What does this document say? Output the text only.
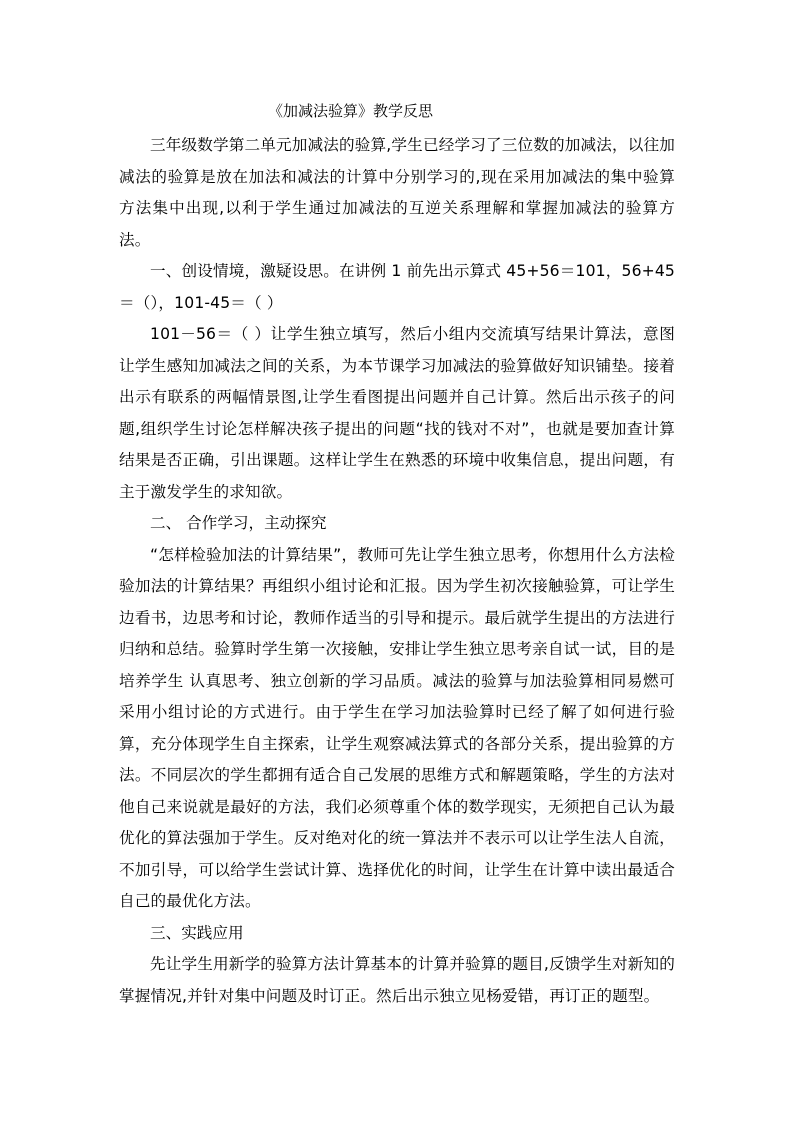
《加减法验算》教学反思

三年级数学第二单元加减法的验算,学生已经学习了三位数的加减法，以往加减法的验算是放在加法和减法的计算中分别学习的,现在采用加减法的集中验算方法集中出现,以利于学生通过加减法的互逆关系理解和掌握加减法的验算方法。

一、创设情境，激疑设思。在讲例 1 前先出示算式 45+56＝101，56+45＝（），101-45＝（ ）

101－56＝（ ）让学生独立填写，然后小组内交流填写结果计算法，意图让学生感知加减法之间的关系，为本节课学习加减法的验算做好知识铺垫。接着出示有联系的两幅情景图,让学生看图提出问题并自己计算。然后出示孩子的问题,组织学生讨论怎样解决孩子提出的问题“找的钱对不对”，也就是要加查计算结果是否正确，引出课题。这样让学生在熟悉的环境中收集信息，提出问题，有主于激发学生的求知欲。

二、 合作学习，主动探究

“怎样检验加法的计算结果”，教师可先让学生独立思考，你想用什么方法检验加法的计算结果？再组织小组讨论和汇报。因为学生初次接触验算，可让学生边看书，边思考和讨论，教师作适当的引导和提示。最后就学生提出的方法进行归纳和总结。验算时学生第一次接触，安排让学生独立思考亲自试一试，目的是培养学生 认真思考、独立创新的学习品质。减法的验算与加法验算相同易燃可采用小组讨论的方式进行。由于学生在学习加法验算时已经了解了如何进行验算，充分体现学生自主探索，让学生观察减法算式的各部分关系，提出验算的方法。不同层次的学生都拥有适合自己发展的思维方式和解题策略，学生的方法对他自己来说就是最好的方法，我们必须尊重个体的数学现实，无须把自己认为最优化的算法强加于学生。反对绝对化的统一算法并不表示可以让学生法人自流，不加引导，可以给学生尝试计算、选择优化的时间，让学生在计算中读出最适合自己的最优化方法。

三、实践应用

先让学生用新学的验算方法计算基本的计算并验算的题目,反馈学生对新知的掌握情况,并针对集中问题及时订正。然后出示独立见杨爱错，再订正的题型。
